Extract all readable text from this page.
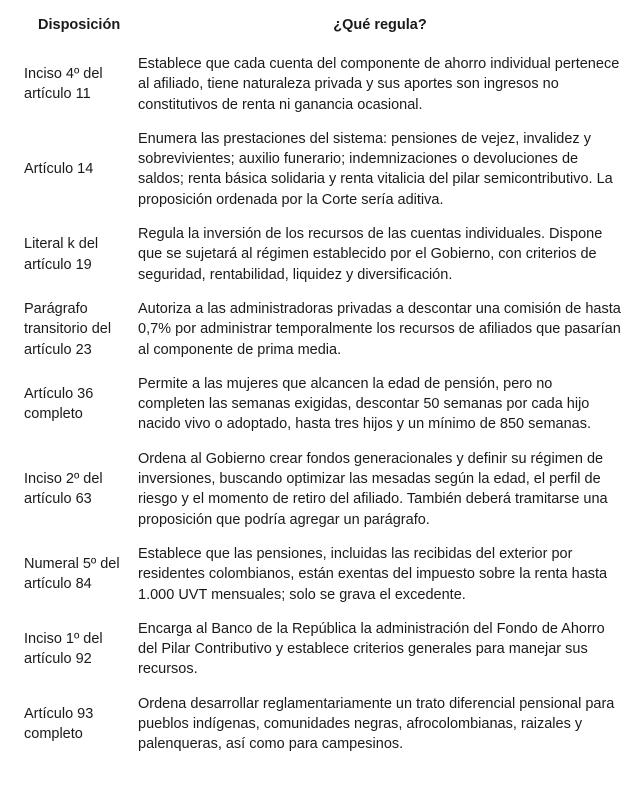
Disposición	¿Qué regula?
Inciso 4º del artículo 11	Establece que cada cuenta del componente de ahorro individual pertenece al afiliado, tiene naturaleza privada y sus aportes son ingresos no constitutivos de renta ni ganancia ocasional.
Artículo 14	Enumera las prestaciones del sistema: pensiones de vejez, invalidez y sobrevivientes; auxilio funerario; indemnizaciones o devoluciones de saldos; renta básica solidaria y renta vitalicia del pilar semicontributivo. La proposición ordenada por la Corte sería aditiva.
Literal k del artículo 19	Regula la inversión de los recursos de las cuentas individuales. Dispone que se sujetará al régimen establecido por el Gobierno, con criterios de seguridad, rentabilidad, liquidez y diversificación.
Parágrafo transitorio del artículo 23	Autoriza a las administradoras privadas a descontar una comisión de hasta 0,7% por administrar temporalmente los recursos de afiliados que pasarían al componente de prima media.
Artículo 36 completo	Permite a las mujeres que alcancen la edad de pensión, pero no completen las semanas exigidas, descontar 50 semanas por cada hijo nacido vivo o adoptado, hasta tres hijos y un mínimo de 850 semanas.
Inciso 2º del artículo 63	Ordena al Gobierno crear fondos generacionales y definir su régimen de inversiones, buscando optimizar las mesadas según la edad, el perfil de riesgo y el momento de retiro del afiliado. También deberá tramitarse una proposición que podría agregar un parágrafo.
Numeral 5º del artículo 84	Establece que las pensiones, incluidas las recibidas del exterior por residentes colombianos, están exentas del impuesto sobre la renta hasta 1.000 UVT mensuales; solo se grava el excedente.
Inciso 1º del artículo 92	Encarga al Banco de la República la administración del Fondo de Ahorro del Pilar Contributivo y establece criterios generales para manejar sus recursos.
Artículo 93 completo	Ordena desarrollar reglamentariamente un trato diferencial pensional para pueblos indígenas, comunidades negras, afrocolombianas, raizales y palenqueras, así como para campesinos.
